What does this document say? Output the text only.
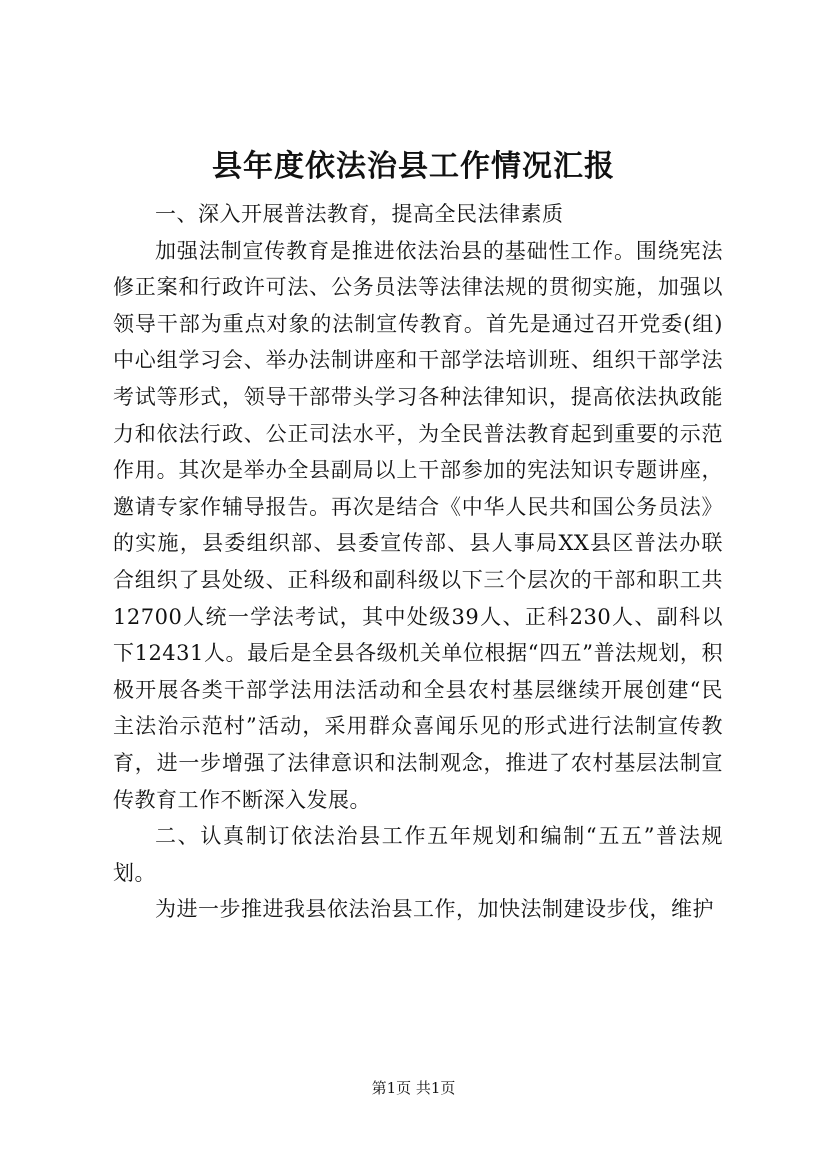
县年度依法治县工作情况汇报

一、深入开展普法教育，提高全民法律素质

加强法制宣传教育是推进依法治县的基础性工作。围绕宪法修正案和行政许可法、公务员法等法律法规的贯彻实施，加强以领导干部为重点对象的法制宣传教育。首先是通过召开党委(组)中心组学习会、举办法制讲座和干部学法培训班、组织干部学法考试等形式，领导干部带头学习各种法律知识，提高依法执政能力和依法行政、公正司法水平，为全民普法教育起到重要的示范作用。其次是举办全县副局以上干部参加的宪法知识专题讲座，邀请专家作辅导报告。再次是结合《中华人民共和国公务员法》的实施，县委组织部、县委宣传部、县人事局XX县区普法办联合组织了县处级、正科级和副科级以下三个层次的干部和职工共12700人统一学法考试，其中处级39人、正科230人、副科以下12431人。最后是全县各级机关单位根据“四五”普法规划，积极开展各类干部学法用法活动和全县农村基层继续开展创建“民主法治示范村”活动，采用群众喜闻乐见的形式进行法制宣传教育，进一步增强了法律意识和法制观念，推进了农村基层法制宣传教育工作不断深入发展。

二、认真制订依法治县工作五年规划和编制“五五”普法规划。

为进一步推进我县依法治县工作，加快法制建设步伐，维护

第1页 共1页
